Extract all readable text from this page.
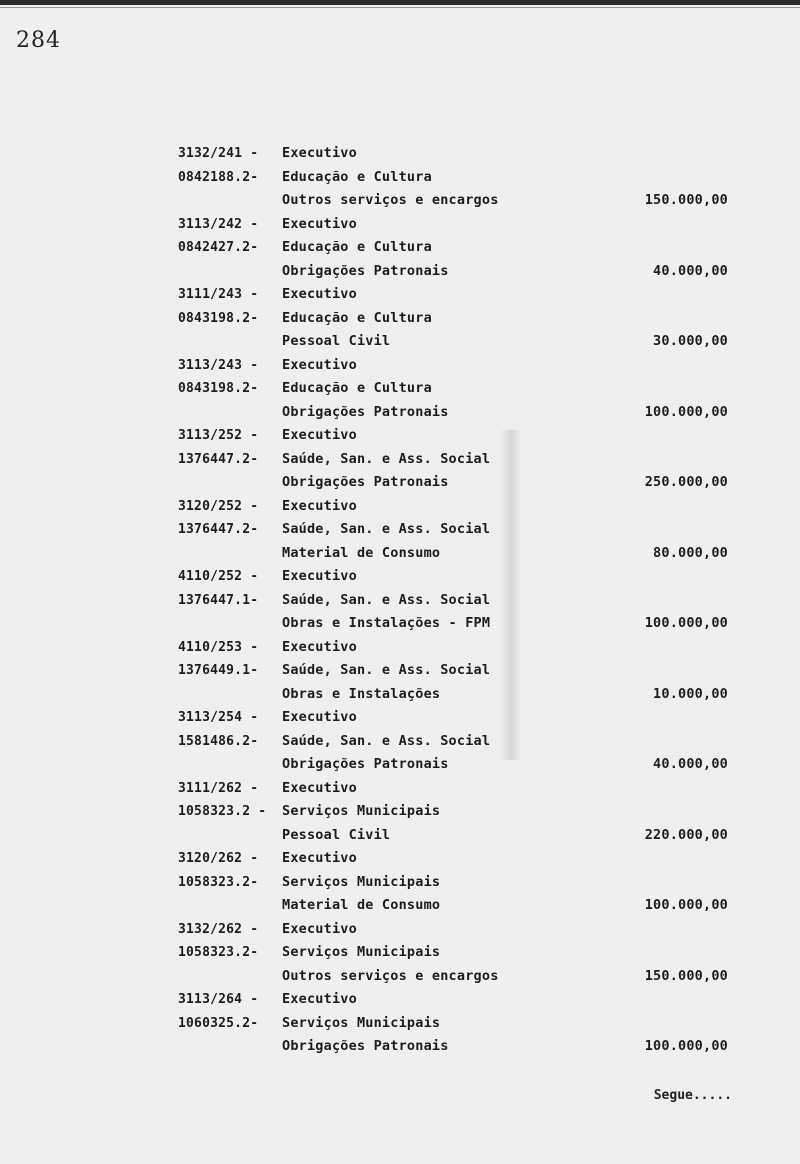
284
3132/241 - Executivo
0842188.2- Educação e Cultura
Outros serviços e encargos	150.000,00
3113/242 - Executivo
0842427.2- Educação e Cultura
Obrigações Patronais	40.000,00
3111/243 - Executivo
0843198.2- Educação e Cultura
Pessoal Civil	30.000,00
3113/243 - Executivo
0843198.2- Educação e Cultura
Obrigações Patronais	100.000,00
3113/252 - Executivo
1376447.2- Saúde, San. e Ass. Social
Obrigações Patronais	250.000,00
3120/252 - Executivo
1376447.2- Saúde, San. e Ass. Social
Material de Consumo	80.000,00
4110/252 - Executivo
1376447.1- Saúde, San. e Ass. Social
Obras e Instalações - FPM	100.000,00
4110/253 - Executivo
1376449.1- Saúde, San. e Ass. Social
Obras e Instalações	10.000,00
3113/254 - Executivo
1581486.2- Saúde, San. e Ass. Social
Obrigações Patronais	40.000,00
3111/262 - Executivo
1058323.2 - Serviços Municipais
Pessoal Civil	220.000,00
3120/262 - Executivo
1058323.2- Serviços Municipais
Material de Consumo	100.000,00
3132/262 - Executivo
1058323.2- Serviços Municipais
Outros serviços e encargos	150.000,00
3113/264 - Executivo
1060325.2- Serviços Municipais
Obrigações Patronais	100.000,00
Segue.....
